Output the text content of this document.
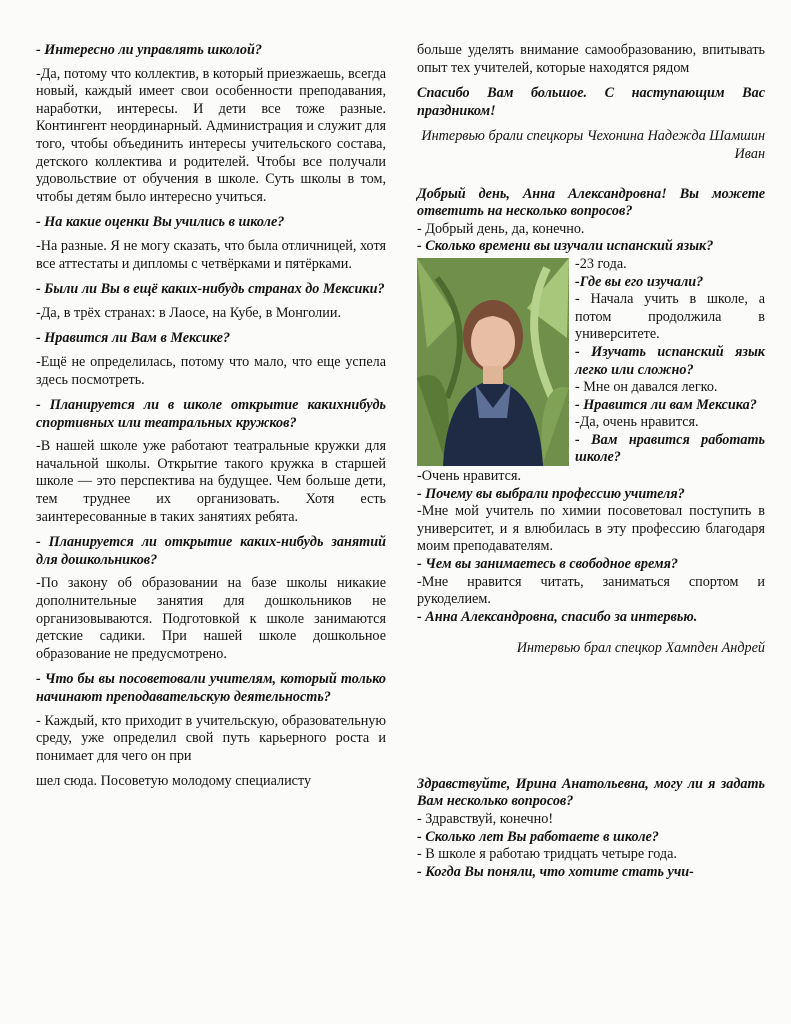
- Интересно ли управлять школой?

-Да, потому что коллектив, в который приезжаешь, всегда новый, каждый имеет свои особенности преподавания, наработки, интересы. И дети все тоже разные. Контингент неординарный. Администрация и служит для того, чтобы объединить интересы учительского состава, детского коллектива и родителей. Чтобы все получали удовольствие от обучения в школе. Суть школы в том, чтобы детям было интересно учиться.

- На какие оценки Вы учились в школе?

-На разные. Я не могу сказать, что была отличницей, хотя все аттестаты и дипломы с четвёрками и пятёрками.

- Были ли Вы в ещё каких-нибудь странах до Мексики?

-Да, в трёх странах: в Лаосе, на Кубе, в Монголии.

- Нравится ли Вам в Мексике?

-Ещё не определилась, потому что мало, что еще успела здесь посмотреть.

- Планируется ли в школе открытие какихнибудь спортивных или театральных кружков?

-В нашей школе уже работают театральные кружки для начальной школы. Открытие такого кружка в старшей школе — это перспектива на будущее. Чем больше дети, тем труднее их организовать. Хотя есть заинтересованные в таких занятиях ребята.

- Планируется ли открытие каких-нибудь занятий для дошкольников?

-По закону об образовании на базе школы никакие дополнительные занятия для дошкольников не организовываются. Подготовкой к школе занимаются детские садики. При нашей школе дошкольное образование не предусмотрено.

- Что бы вы посоветовали учителям, который только начинают преподавательскую деятельность?

- Каждый, кто приходит в учительскую, образовательную среду, уже определил свой путь карьерного роста и понимает для чего он при

шел сюда. Посоветую молодому специалисту

больше уделять внимание самообразованию, впитывать опыт тех учителей, которые находятся рядом

Спасибо Вам большое. С наступающим Вас праздником!

Интервью брали спецкоры Чехонина Надежда Шамшин Иван

Добрый день, Анна Александровна! Вы можете ответить на несколько вопросов?

- Добрый день, да, конечно.

- Сколько времени вы изучали испанский язык?

-23 года.

-Где вы его изучали?

- Начала учить в школе, а потом продолжила в университете.

- Изучать испанский язык легко или сложно?

- Мне он давался легко.

- Нравится ли вам Мексика?

-Да, очень нравится.

- Вам нравится работать школе?

-Очень нравится.

- Почему вы выбрали профессию учителя?

-Мне мой учитель по химии посоветовал поступить в университет, и я влюбилась в эту профессию благодаря моим преподавателям.

- Чем вы занимаетесь в свободное время?

-Мне нравится читать, заниматься спортом и рукоделием.

- Анна Александровна, спасибо за интервью.

Интервью брал спецкор Хампден Андрей

Здравствуйте, Ирина Анатольевна, могу ли я задать Вам несколько вопросов?

- Здравствуй, конечно!

- Сколько лет Вы работаете в школе?

- В школе я работаю тридцать четыре года.

- Когда Вы поняли, что хотите стать учи-
